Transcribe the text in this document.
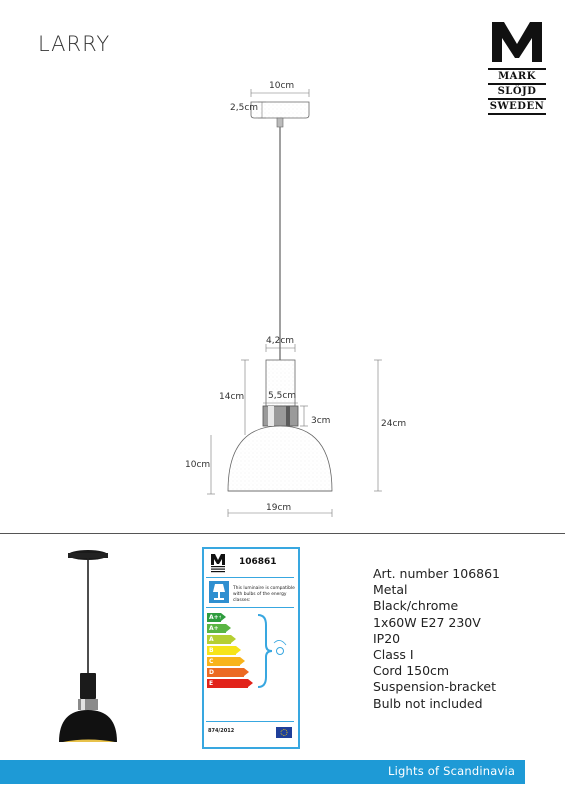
LARRY
MARK
SLÖJD
SWEDEN
10cm
2,5cm
4,2cm
14cm	5,5cm
3cm
10cm
24cm
19cm
106861
This luminaire is compatible with bulbs of the energy classes:
A++
A+
A
B
C
D
E
874/2012
Art. number 106861
Metal
Black/chrome
1x60W E27 230V
IP20
Class I
Cord 150cm
Suspension-bracket
Bulb not included
Lights of Scandinavia
